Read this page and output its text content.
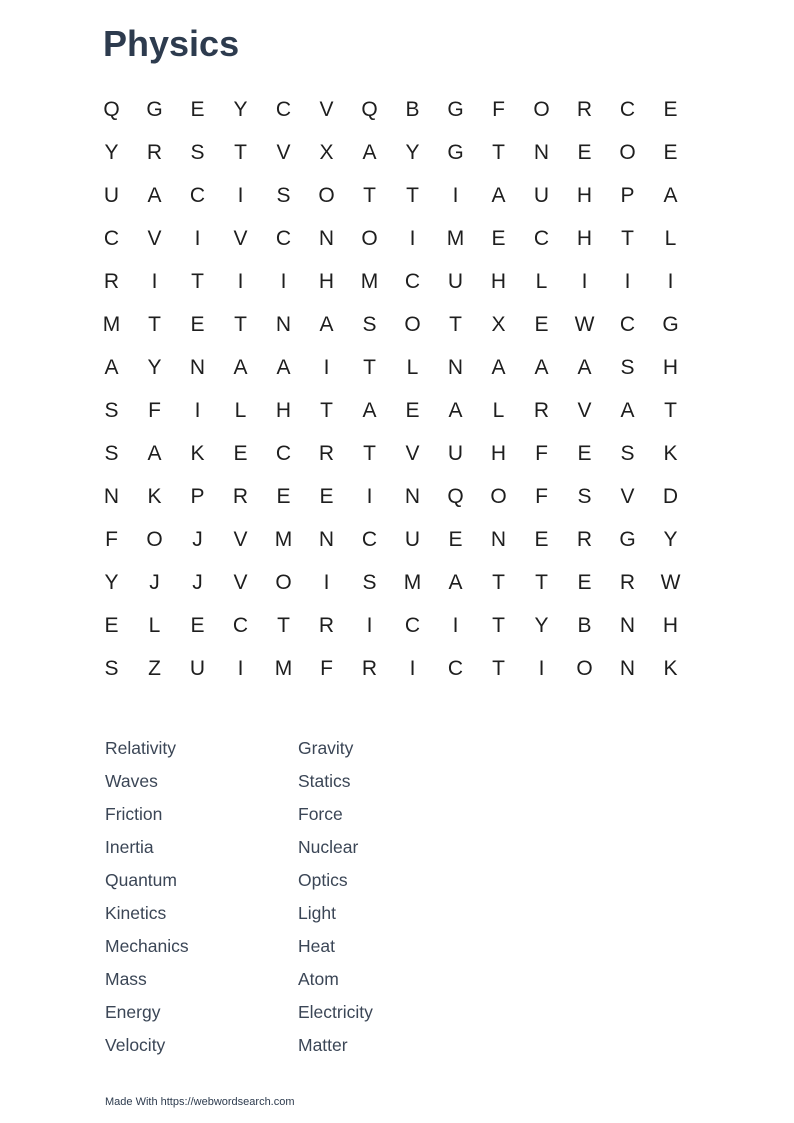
Physics
Q	G	E	Y	C	V	Q	B	G	F	O	R	C	E
Y	R	S	T	V	X	A	Y	G	T	N	E	O	E
U	A	C	I	S	O	T	T	I	A	U	H	P	A
C	V	I	V	C	N	O	I	M	E	C	H	T	L
R	I	T	I	I	H	M	C	U	H	L	I	I	I
M	T	E	T	N	A	S	O	T	X	E	W	C	G
A	Y	N	A	A	I	T	L	N	A	A	A	S	H
S	F	I	L	H	T	A	E	A	L	R	V	A	T
S	A	K	E	C	R	T	V	U	H	F	E	S	K
N	K	P	R	E	E	I	N	Q	O	F	S	V	D
F	O	J	V	M	N	C	U	E	N	E	R	G	Y
Y	J	J	V	O	I	S	M	A	T	T	E	R	W
E	L	E	C	T	R	I	C	I	T	Y	B	N	H
S	Z	U	I	M	F	R	I	C	T	I	O	N	K
Relativity	Gravity
Waves	Statics
Friction	Force
Inertia	Nuclear
Quantum	Optics
Kinetics	Light
Mechanics	Heat
Mass	Atom
Energy	Electricity
Velocity	Matter
Made With https://webwordsearch.com
